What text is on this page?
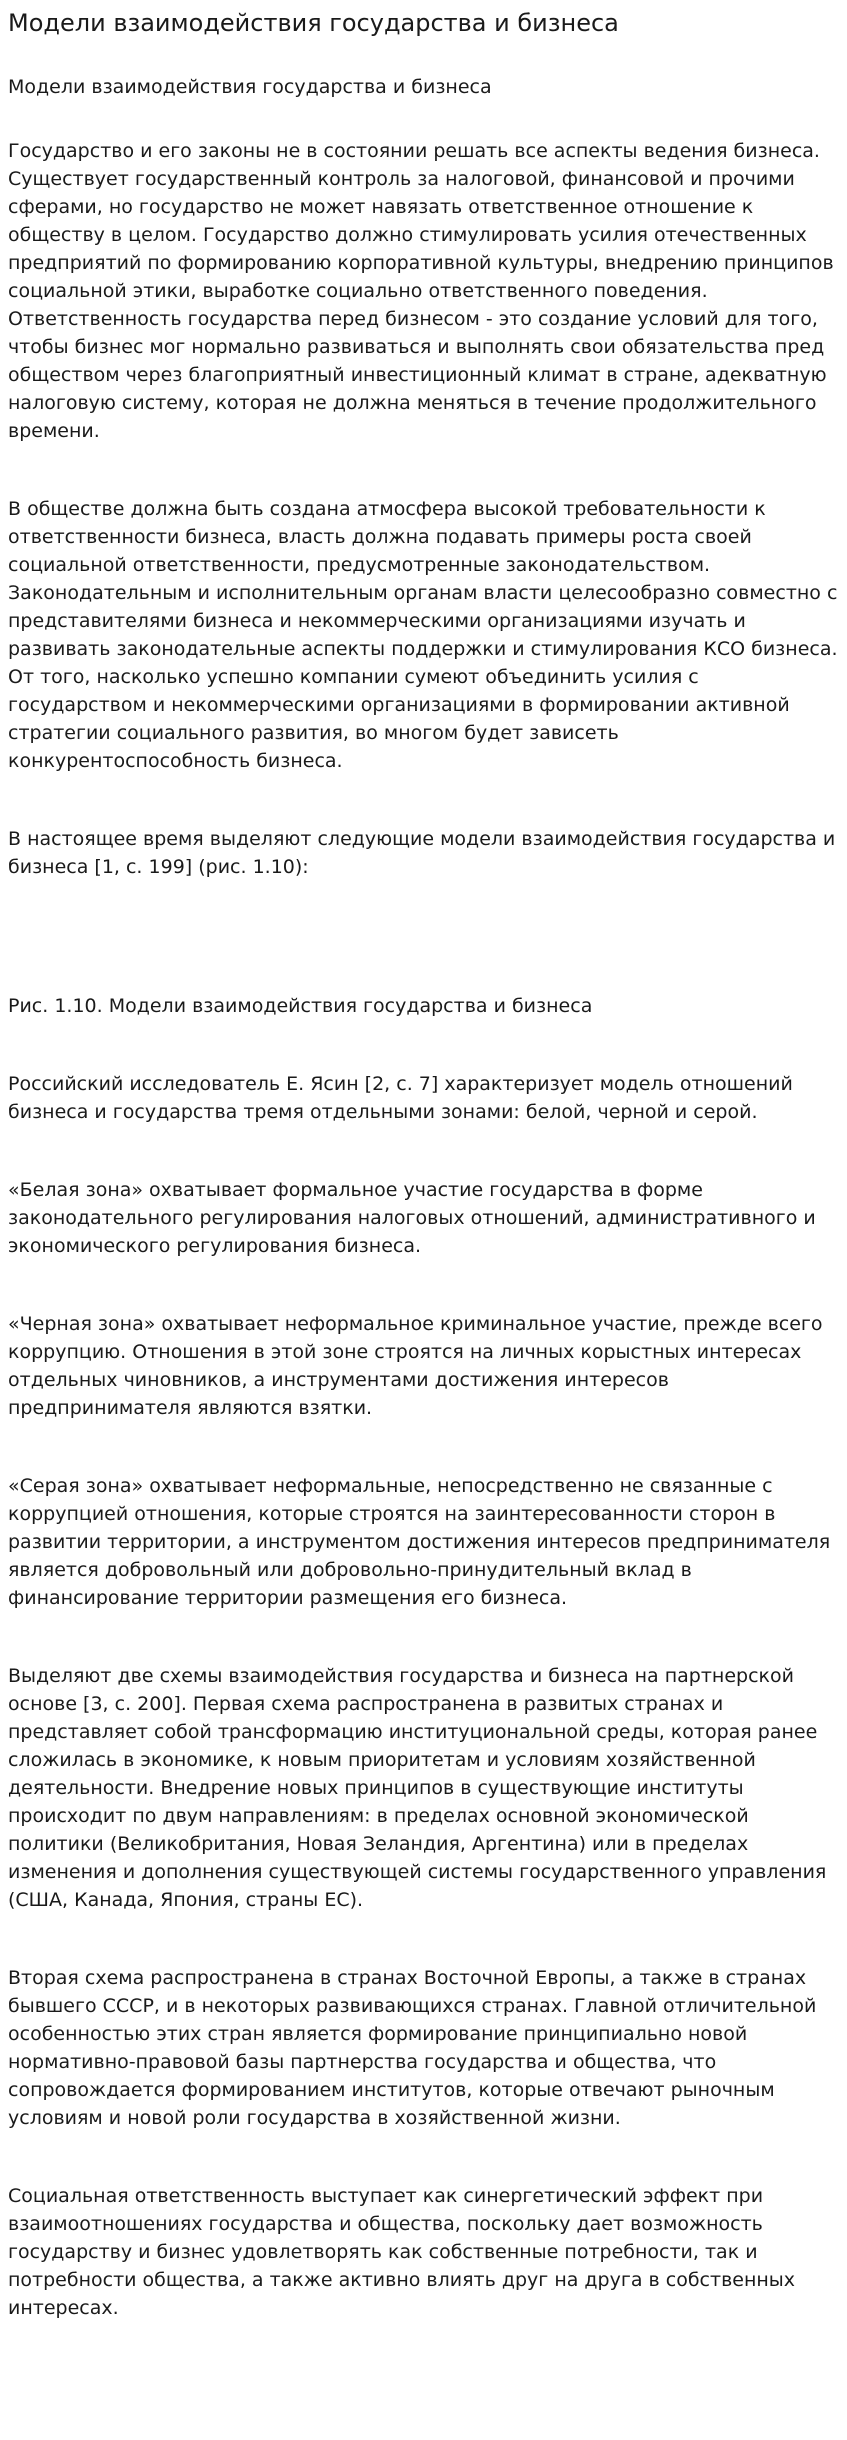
Модели взаимодействия государства и бизнеса

Модели взаимодействия государства и бизнеса

Государство и его законы не в состоянии решать все аспекты ведения бизнеса.
Существует государственный контроль за налоговой, финансовой и прочими
сферами, но государство не может навязать ответственное отношение к
обществу в целом. Государство должно стимулировать усилия отечественных
предприятий по формированию корпоративной культуры, внедрению принципов
социальной этики, выработке социально ответственного поведения.
Ответственность государства перед бизнесом - это создание условий для того,
чтобы бизнес мог нормально развиваться и выполнять свои обязательства пред
обществом через благоприятный инвестиционный климат в стране, адекватную
налоговую систему, которая не должна меняться в течение продолжительного
времени.

В обществе должна быть создана атмосфера высокой требовательности к
ответственности бизнеса, власть должна подавать примеры роста своей
социальной ответственности, предусмотренные законодательством.
Законодательным и исполнительным органам власти целесообразно совместно с
представителями бизнеса и некоммерческими организациями изучать и
развивать законодательные аспекты поддержки и стимулирования КСО бизнеса.
От того, насколько успешно компании сумеют объединить усилия с
государством и некоммерческими организациями в формировании активной
стратегии социального развития, во многом будет зависеть
конкурентоспособность бизнеса.

В настоящее время выделяют следующие модели взаимодействия государства и
бизнеса [1, с. 199] (рис. 1.10):

Рис. 1.10. Модели взаимодействия государства и бизнеса

Российский исследователь Е. Ясин [2, с. 7] характеризует модель отношений
бизнеса и государства тремя отдельными зонами: белой, черной и серой.

«Белая зона» охватывает формальное участие государства в форме
законодательного регулирования налоговых отношений, административного и
экономического регулирования бизнеса.

«Черная зона» охватывает неформальное криминальное участие, прежде всего
коррупцию. Отношения в этой зоне строятся на личных корыстных интересах
отдельных чиновников, а инструментами достижения интересов
предпринимателя являются взятки.

«Серая зона» охватывает неформальные, непосредственно не связанные с
коррупцией отношения, которые строятся на заинтересованности сторон в
развитии территории, а инструментом достижения интересов предпринимателя
является добровольный или добровольно-принудительный вклад в
финансирование территории размещения его бизнеса.

Выделяют две схемы взаимодействия государства и бизнеса на партнерской
основе [3, с. 200]. Первая схема распространена в развитых странах и
представляет собой трансформацию институциональной среды, которая ранее
сложилась в экономике, к новым приоритетам и условиям хозяйственной
деятельности. Внедрение новых принципов в существующие институты
происходит по двум направлениям: в пределах основной экономической
политики (Великобритания, Новая Зеландия, Аргентина) или в пределах
изменения и дополнения существующей системы государственного управления
(США, Канада, Япония, страны ЕС).

Вторая схема распространена в странах Восточной Европы, а также в странах
бывшего СССР, и в некоторых развивающихся странах. Главной отличительной
особенностью этих стран является формирование принципиально новой
нормативно-правовой базы партнерства государства и общества, что
сопровождается формированием институтов, которые отвечают рыночным
условиям и новой роли государства в хозяйственной жизни.

Социальная ответственность выступает как синергетический эффект при
взаимоотношениях государства и общества, поскольку дает возможность
государству и бизнес удовлетворять как собственные потребности, так и
потребности общества, а также активно влиять друг на друга в собственных
интересах.
